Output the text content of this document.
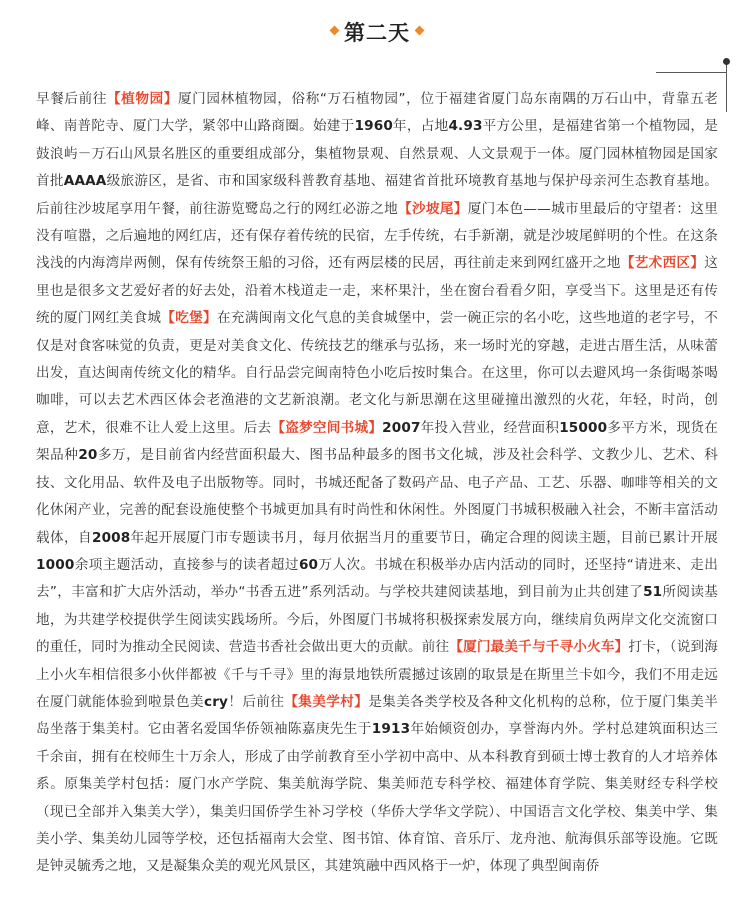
第二天

早餐后前往【植物园】厦门园林植物园，俗称“万石植物园”，位于福建省厦门岛东南隅的万石山中，背靠五老峰、南普陀寺、厦门大学，紧邻中山路商圈。始建于1960年，占地4.93平方公里，是福建省第一个植物园，是鼓浪屿－万石山风景名胜区的重要组成部分，集植物景观、自然景观、人文景观于一体。厦门园林植物园是国家首批AAAA级旅游区，是省、市和国家级科普教育基地、福建省首批环境教育基地与保护母亲河生态教育基地。后前往沙坡尾享用午餐，前往游览鹭岛之行的网红必游之地【沙坡尾】厦门本色——城市里最后的守望者：这里没有喧嚣，之后遍地的网红店，还有保存着传统的民宿，左手传统，右手新潮，就是沙坡尾鲜明的个性。在这条浅浅的内海湾岸两侧，保有传统祭王船的习俗，还有两层楼的民居，再往前走来到网红盛开之地【艺术西区】这里也是很多文艺爱好者的好去处，沿着木栈道走一走，来杯果汁，坐在窗台看看夕阳，享受当下。这里是还有传统的厦门网红美食城【吃堡】在充满闽南文化气息的美食城堡中，尝一碗正宗的名小吃，这些地道的老字号，不仅是对食客味觉的负责，更是对美食文化、传统技艺的继承与弘扬，来一场时光的穿越，走进古厝生活，从味蕾出发，直达闽南传统文化的精华。自行品尝完闽南特色小吃后按时集合。在这里，你可以去避风坞一条街喝茶喝咖啡，可以去艺术西区体会老渔港的文艺新浪潮。老文化与新思潮在这里碰撞出激烈的火花，年轻，时尚，创意，艺术，很难不让人爱上这里。后去【盗梦空间书城】2007年投入营业，经营面积15000多平方米，现货在架品种20多万，是目前省内经营面积最大、图书品种最多的图书文化城，涉及社会科学、文教少儿、艺术、科技、文化用品、软件及电子出版物等。同时，书城还配备了数码产品、电子产品、工艺、乐器、咖啡等相关的文化休闲产业，完善的配套设施使整个书城更加具有时尚性和休闲性。外图厦门书城积极融入社会，不断丰富活动载体，自2008年起开展厦门市专题读书月，每月依据当月的重要节日，确定合理的阅读主题，目前已累计开展1000余项主题活动，直接参与的读者超过60万人次。书城在积极举办店内活动的同时，还坚持“请进来、走出去”，丰富和扩大店外活动，举办“书香五进”系列活动。与学校共建阅读基地，到目前为止共创建了51所阅读基地，为共建学校提供学生阅读实践场所。今后，外图厦门书城将积极探索发展方向，继续肩负两岸文化交流窗口的重任，同时为推动全民阅读、营造书香社会做出更大的贡献。前往【厦门最美千与千寻小火车】打卡，（说到海上小火车相信很多小伙伴都被《千与千寻》里的海景地铁所震撼过该剧的取景是在斯里兰卡如今，我们不用走远在厦门就能体验到啦景色美cry！后前往【集美学村】是集美各类学校及各种文化机构的总称，位于厦门集美半岛坐落于集美村。它由著名爱国华侨领袖陈嘉庚先生于1913年始倾资创办，享誉海内外。学村总建筑面积达三千余亩，拥有在校师生十万余人，形成了由学前教育至小学初中高中、从本科教育到硕士博士教育的人才培养体系。原集美学村包括：厦门水产学院、集美航海学院、集美师范专科学校、福建体育学院、集美财经专科学校（现已全部并入集美大学），集美归国侨学生补习学校（华侨大学华文学院）、中国语言文化学校、集美中学、集美小学、集美幼儿园等学校，还包括福南大会堂、图书馆、体育馆、音乐厅、龙舟池、航海俱乐部等设施。它既是钟灵毓秀之地，又是凝集众美的观光风景区，其建筑融中西风格于一炉，体现了典型闽南侨
